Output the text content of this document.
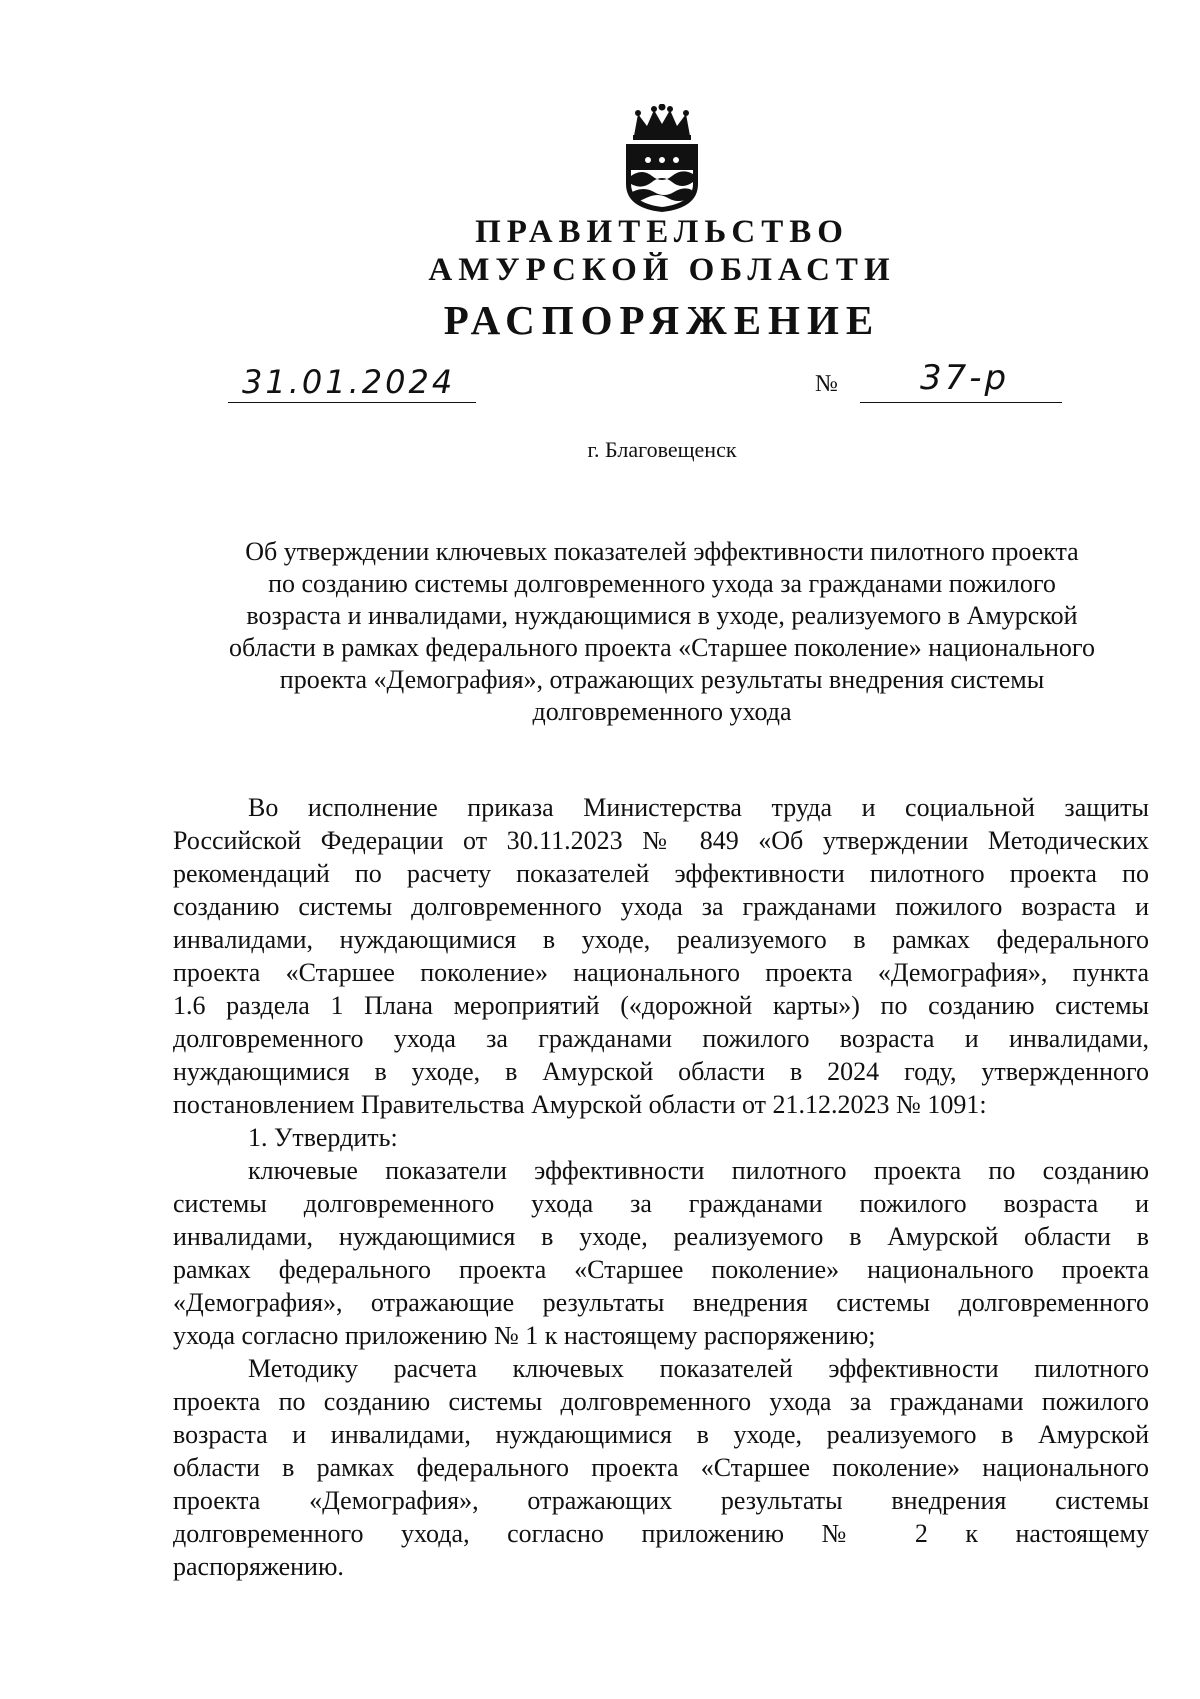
ПРАВИТЕЛЬСТВО
АМУРСКОЙ ОБЛАСТИ
РАСПОРЯЖЕНИЕ
31.01.2024	№ 37-р
г. Благовещенск
Об утверждении ключевых показателей эффективности пилотного проекта
по созданию системы долговременного ухода за гражданами пожилого
возраста и инвалидами, нуждающимися в уходе, реализуемого в Амурской
области в рамках федерального проекта «Старшее поколение» национального
проекта «Демография», отражающих результаты внедрения системы
долговременного ухода
Во исполнение приказа Министерства труда и социальной защиты
Российской Федерации от 30.11.2023 № 849 «Об утверждении Методических
рекомендаций по расчету показателей эффективности пилотного проекта по
созданию системы долговременного ухода за гражданами пожилого возраста и
инвалидами, нуждающимися в уходе, реализуемого в рамках федерального
проекта «Старшее поколение» национального проекта «Демография», пункта
1.6 раздела 1 Плана мероприятий («дорожной карты») по созданию системы
долговременного ухода за гражданами пожилого возраста и инвалидами,
нуждающимися в уходе, в Амурской области в 2024 году, утвержденного
постановлением Правительства Амурской области от 21.12.2023 № 1091:
1. Утвердить:
ключевые показатели эффективности пилотного проекта по созданию
системы долговременного ухода за гражданами пожилого возраста и
инвалидами, нуждающимися в уходе, реализуемого в Амурской области в
рамках федерального проекта «Старшее поколение» национального проекта
«Демография», отражающие результаты внедрения системы долговременного
ухода согласно приложению № 1 к настоящему распоряжению;
Методику расчета ключевых показателей эффективности пилотного
проекта по созданию системы долговременного ухода за гражданами пожилого
возраста и инвалидами, нуждающимися в уходе, реализуемого в Амурской
области в рамках федерального проекта «Старшее поколение» национального
проекта «Демография», отражающих результаты внедрения системы
долговременного ухода, согласно приложению № 2 к настоящему
распоряжению.
